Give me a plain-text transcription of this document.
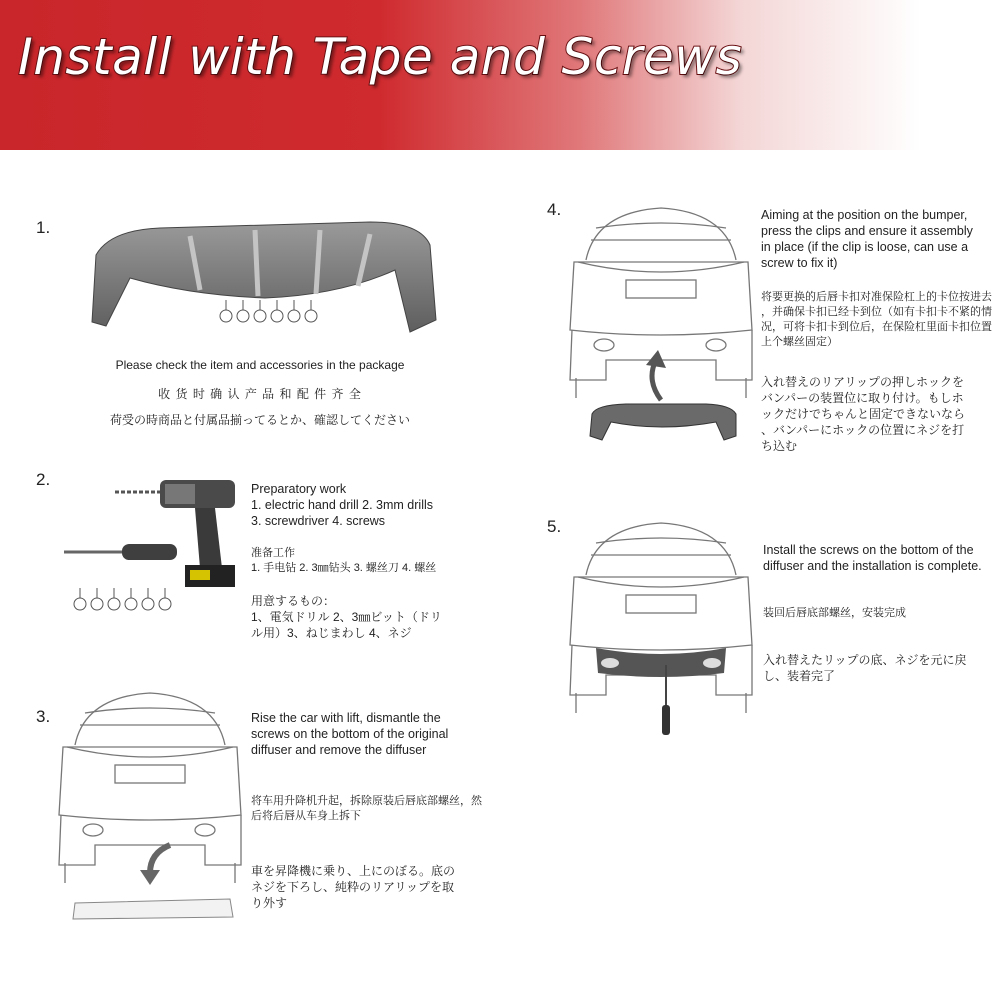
Install with Tape and Screws
1.
Please check the item and accessories in the package
收 货 时 确 认 产 品 和 配 件 齐 全
荷受の時商品と付属品揃ってるとか、確認してください
2.	Preparatory work
1. electric hand drill 2. 3mm drills
3. screwdriver 4. screws
准备工作
1. 手电钻 2. 3㎜钻头 3. 螺丝刀 4. 螺丝
用意するもの：
1、電気ドリル 2、3㎜ビット（ドリ
ル用）3、ねじまわし 4、ネジ
3.	Rise the car with lift, dismantle the
screws on the bottom of the original
diffuser and remove the diffuser
将车用升降机升起，拆除原装后唇底部螺丝，然
后将后唇从车身上拆下
車を昇降機に乗り、上にのぼる。底の
ネジを下ろし、純粋のリアリップを取
り外す
4.	Aiming at the position on the bumper,
press the clips and ensure it assembly
in place (if the clip is loose, can use a
screw to fix it)
将要更换的后唇卡扣对准保险杠上的卡位按进去
，并确保卡扣已经卡到位（如有卡扣卡不紧的情
况，可将卡扣卡到位后，在保险杠里面卡扣位置
上个螺丝固定）
入れ替えのリアリップの押しホックを
バンパーの装置位に取り付け。もしホ
ックだけでちゃんと固定できないなら
、バンパーにホックの位置にネジを打
ち込む
5.
Install the screws on the bottom of the
diffuser and the installation is complete.
装回后唇底部螺丝，安装完成
入れ替えたリップの底、ネジを元に戻
し、装着完了
